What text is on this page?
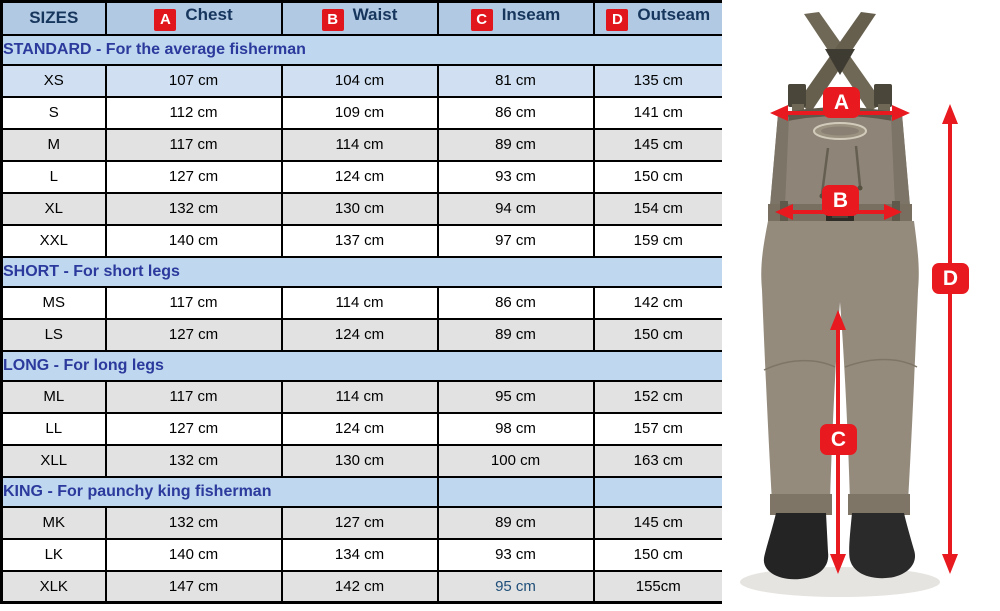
SIZES	A Chest	B Waist	C Inseam	D Outseam
STANDARD - For the average fisherman				
XS	107 cm	104 cm	81 cm	135 cm
S	112 cm	109 cm	86 cm	141 cm
M	117 cm	114 cm	89 cm	145 cm
L	127 cm	124 cm	93 cm	150 cm
XL	132 cm	130 cm	94 cm	154 cm
XXL	140 cm	137 cm	97 cm	159 cm
SHORT - For short legs				
MS	117 cm	114 cm	86 cm	142 cm
LS	127 cm	124 cm	89 cm	150 cm
LONG - For long legs				
ML	117 cm	114 cm	95 cm	152 cm
LL	127 cm	124 cm	98 cm	157 cm
XLL	132 cm	130 cm	100 cm	163 cm
KING - For paunchy king fisherman				
MK	132 cm	127 cm	89 cm	145 cm
LK	140 cm	134 cm	93 cm	150 cm
XLK	147 cm	142 cm	95 cm	155cm
A
B
C
D
